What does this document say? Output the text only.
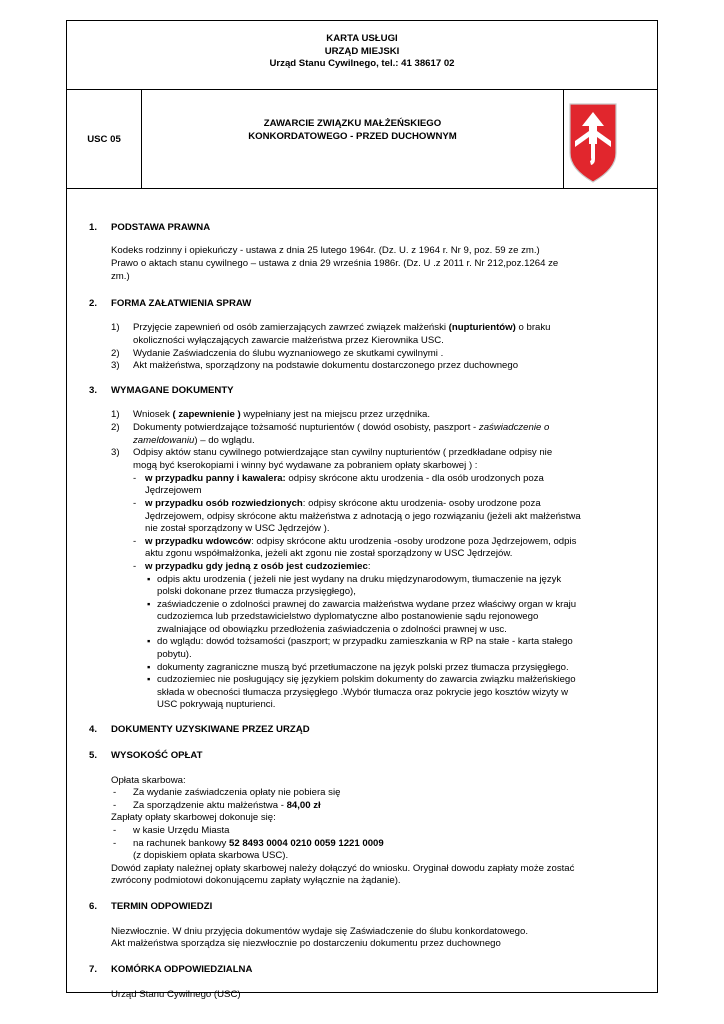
KARTA USŁUGI
URZĄD MIEJSKI
Urząd Stanu Cywilnego, tel.: 41 38617 02
USC 05
ZAWARCIE ZWIĄZKU MAŁŻEŃSKIEGO
KONKORDATOWEGO - PRZED DUCHOWNYM
1. PODSTAWA PRAWNA
Kodeks rodzinny i opiekuńczy - ustawa z dnia 25 lutego 1964r. (Dz. U. z 1964 r. Nr 9, poz. 59 ze zm.)
Prawo o aktach stanu cywilnego – ustawa z dnia 29 września 1986r. (Dz. U .z 2011 r. Nr 212,poz.1264 ze
zm.)
2. FORMA ZAŁATWIENIA SPRAW
1) Przyjęcie zapewnień od osób zamierzających zawrzeć związek małżeński (nupturientów) o braku
okoliczności wyłączających zawarcie małżeństwa przez Kierownika USC.
2) Wydanie Zaświadczenia do ślubu wyznaniowego ze skutkami cywilnymi .
3) Akt małżeństwa, sporządzony na podstawie dokumentu dostarczonego przez duchownego
3. WYMAGANE DOKUMENTY
1) Wniosek ( zapewnienie ) wypełniany jest na miejscu przez urzędnika.
2) Dokumenty potwierdzające tożsamość nupturientów ( dowód osobisty, paszport - zaświadczenie o
zameldowaniu) – do wglądu.
3) Odpisy aktów stanu cywilnego potwierdzające stan cywilny nupturientów ( przedkładane odpisy nie
mogą być kserokopiami i winny być wydawane za pobraniem opłaty skarbowej ) :
- w przypadku panny i kawalera: odpisy skrócone aktu urodzenia - dla osób urodzonych poza
Jędrzejowem
- w przypadku osób rozwiedzionych: odpisy skrócone aktu urodzenia- osoby urodzone poza
Jędrzejowem, odpisy skrócone aktu małżeństwa z adnotacją o jego rozwiązaniu (jeżeli akt małżeństwa
nie został sporządzony w USC Jędrzejów ).
- w przypadku wdowców: odpisy skrócone aktu urodzenia -osoby urodzone poza Jędrzejowem, odpis
aktu zgonu współmałżonka, jeżeli akt zgonu nie został sporządzony w USC Jędrzejów.
- w przypadku gdy jedną z osób jest cudzoziemiec:
▪ odpis aktu urodzenia ( jeżeli nie jest wydany na druku międzynarodowym, tłumaczenie na język
polski dokonane przez tłumacza przysięgłego),
▪ zaświadczenie o zdolności prawnej do zawarcia małżeństwa wydane przez właściwy organ w kraju
cudzoziemca lub przedstawicielstwo dyplomatyczne albo postanowienie sądu rejonowego
zwalniające od obowiązku przedłożenia zaświadczenia o zdolności prawnej w usc.
▪ do wglądu: dowód tożsamości (paszport; w przypadku zamieszkania w RP na stałe - karta stałego
pobytu).
▪ dokumenty zagraniczne muszą być przetłumaczone na język polski przez tłumacza przysięgłego.
▪ cudzoziemiec nie posługujący się językiem polskim dokumenty do zawarcia związku małżeńskiego
składa w obecności tłumacza przysięgłego .Wybór tłumacza oraz pokrycie jego kosztów wizyty w
USC pokrywają nupturienci.
4. DOKUMENTY UZYSKIWANE PRZEZ URZĄD
5. WYSOKOŚĆ OPŁAT
Opłata skarbowa:
- Za wydanie zaświadczenia opłaty nie pobiera się
- Za sporządzenie aktu małżeństwa - 84,00 zł
Zapłaty opłaty skarbowej dokonuje się:
- w kasie Urzędu Miasta
- na rachunek bankowy 52 8493 0004 0210 0059 1221 0009
(z dopiskiem opłata skarbowa USC).
Dowód zapłaty należnej opłaty skarbowej należy dołączyć do wniosku. Oryginał dowodu zapłaty może zostać
zwrócony podmiotowi dokonującemu zapłaty wyłącznie na żądanie).
6. TERMIN ODPOWIEDZI
Niezwłocznie. W dniu przyjęcia dokumentów wydaje się Zaświadczenie do ślubu konkordatowego.
Akt małżeństwa sporządza się niezwłocznie po dostarczeniu dokumentu przez duchownego
7. KOMÓRKA ODPOWIEDZIALNA
Urząd Stanu Cywilnego (USC)
